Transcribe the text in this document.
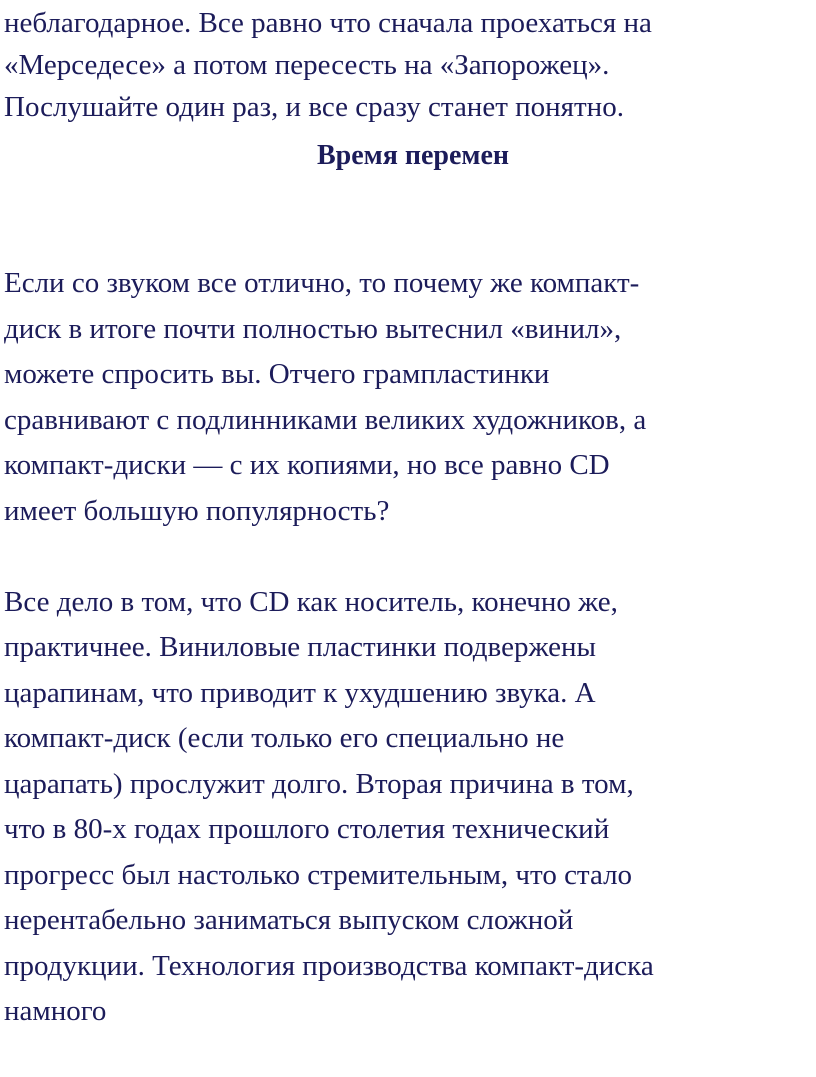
неблагодарное. Все равно что сначала проехаться на
«Мерседесе» а потом пересесть на «Запорожец».
Послушайте один раз, и все сразу станет понятно.
Время перемен
Если со звуком все отлично, то почему же компакт-
диск в итоге почти полностью вытеснил «винил»,
можете спросить вы. Отчего грампластинки
сравнивают с подлинниками великих художников, а
компакт-диски — с их копиями, но все равно CD
имеет большую популярность?
Все дело в том, что CD как носитель, конечно же,
практичнее. Виниловые пластинки подвержены
царапинам, что приводит к ухудшению звука. А
компакт-диск (если только его специально не
царапать) прослужит долго. Вторая причина в том,
что в 80-х годах прошлого столетия технический
прогресс был настолько стремительным, что стало
нерентабельно заниматься выпуском сложной
продукции. Технология производства компакт-диска
намного
